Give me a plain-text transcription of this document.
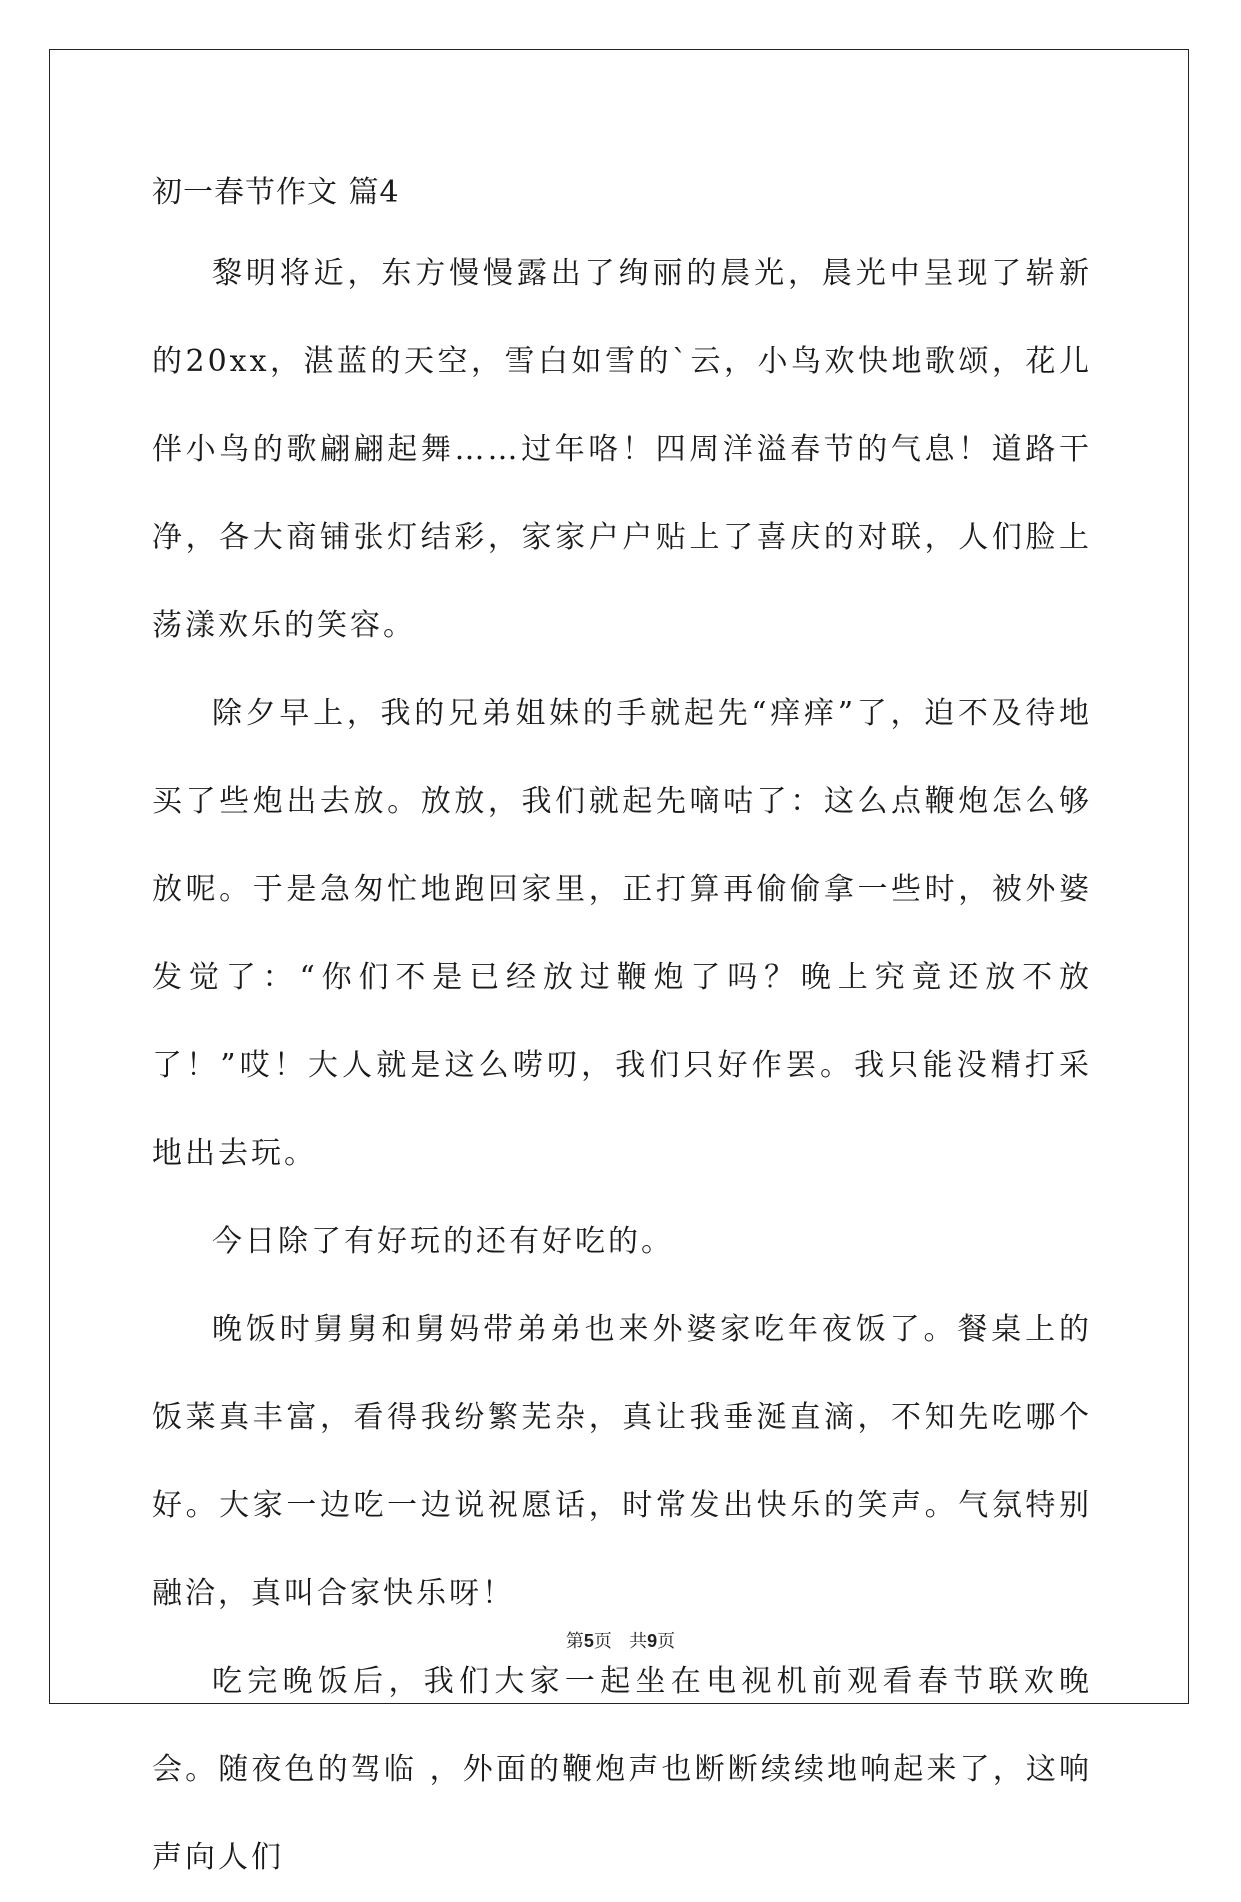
初一春节作文 篇4

黎明将近，东方慢慢露出了绚丽的晨光，晨光中呈现了崭新的20xx，湛蓝的天空，雪白如雪的`云，小鸟欢快地歌颂，花儿伴小鸟的歌翩翩起舞……过年咯！四周洋溢春节的气息！道路干净，各大商铺张灯结彩，家家户户贴上了喜庆的对联，人们脸上荡漾欢乐的笑容。

除夕早上，我的兄弟姐妹的手就起先“痒痒”了，迫不及待地买了些炮出去放。放放，我们就起先嘀咕了：这么点鞭炮怎么够放呢。于是急匆忙地跑回家里，正打算再偷偷拿一些时，被外婆发觉了：“你们不是已经放过鞭炮了吗？晚上究竟还放不放了！”哎！大人就是这么唠叨，我们只好作罢。我只能没精打采地出去玩。

今日除了有好玩的还有好吃的。

晚饭时舅舅和舅妈带弟弟也来外婆家吃年夜饭了。餐桌上的饭菜真丰富，看得我纷繁芜杂，真让我垂涎直滴，不知先吃哪个好。大家一边吃一边说祝愿话，时常发出快乐的笑声。气氛特别融洽，真叫合家快乐呀！

吃完晚饭后，我们大家一起坐在电视机前观看春节联欢晚会。随夜色的驾临 ，外面的鞭炮声也断断续续地响起来了，这响声向人们

第5页 共9页
